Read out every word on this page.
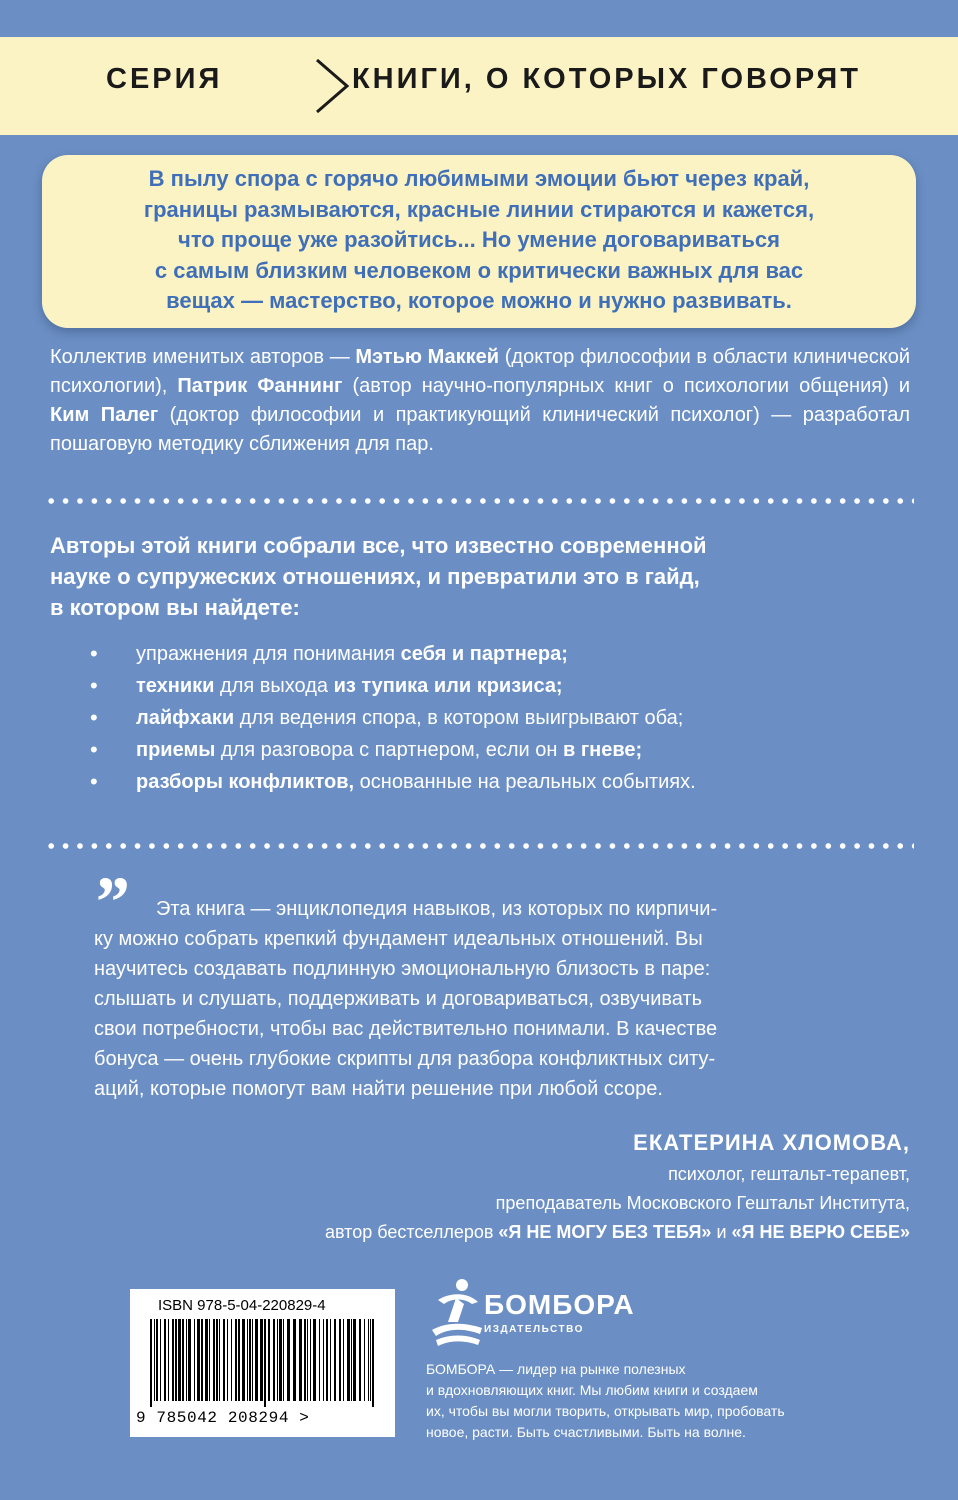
СЕРИЯ	КНИГИ, О КОТОРЫХ ГОВОРЯТ

В пылу спора с горячо любимыми эмоции бьют через край,
границы размываются, красные линии стираются и кажется,
что проще уже разойтись... Но умение договариваться
с самым близким человеком о критически важных для вас
вещах — мастерство, которое можно и нужно развивать.

Коллектив именитых авторов — Мэтью Маккей (доктор философии в области клинической психологии), Патрик Фаннинг (автор научно-популярных книг о психологии общения) и Ким Палег (доктор философии и практикующий клинический психолог) — разработал пошаговую методику сближения для пар.
Авторы этой книги собрали все, что известно современной
науке о супружеских отношениях, и превратили это в гайд,
в котором вы найдете:
• упражнения для понимания себя и партнера;
• техники для выхода из тупика или кризиса;
• лайфхаки для ведения спора, в котором выигрывают оба;
• приемы для разговора с партнером, если он в гневе;
• разборы конфликтов, основанные на реальных событиях.
”	Эта книга — энциклопедия навыков, из которых по кирпичи-
ку можно собрать крепкий фундамент идеальных отношений. Вы
научитесь создавать подлинную эмоциональную близость в паре:
слышать и слушать, поддерживать и договариваться, озвучивать
свои потребности, чтобы вас действительно понимали. В качестве
бонуса — очень глубокие скрипты для разбора конфликтных ситу-
аций, которые помогут вам найти решение при любой ссоре.
ЕКАТЕРИНА ХЛОМОВА,
психолог, гештальт-терапевт,
преподаватель Московского Гештальт Института,
автор бестселлеров «Я НЕ МОГУ БЕЗ ТЕБЯ» и «Я НЕ ВЕРЮ СЕБЕ»
ISBN 978-5-04-220829-4
9 785042 208294 >
БОМБОРА
ИЗДАТЕЛЬСТВО
БОМБОРА — лидер на рынке полезных
и вдохновляющих книг. Мы любим книги и создаем
их, чтобы вы могли творить, открывать мир, пробовать
новое, расти. Быть счастливыми. Быть на волне.
